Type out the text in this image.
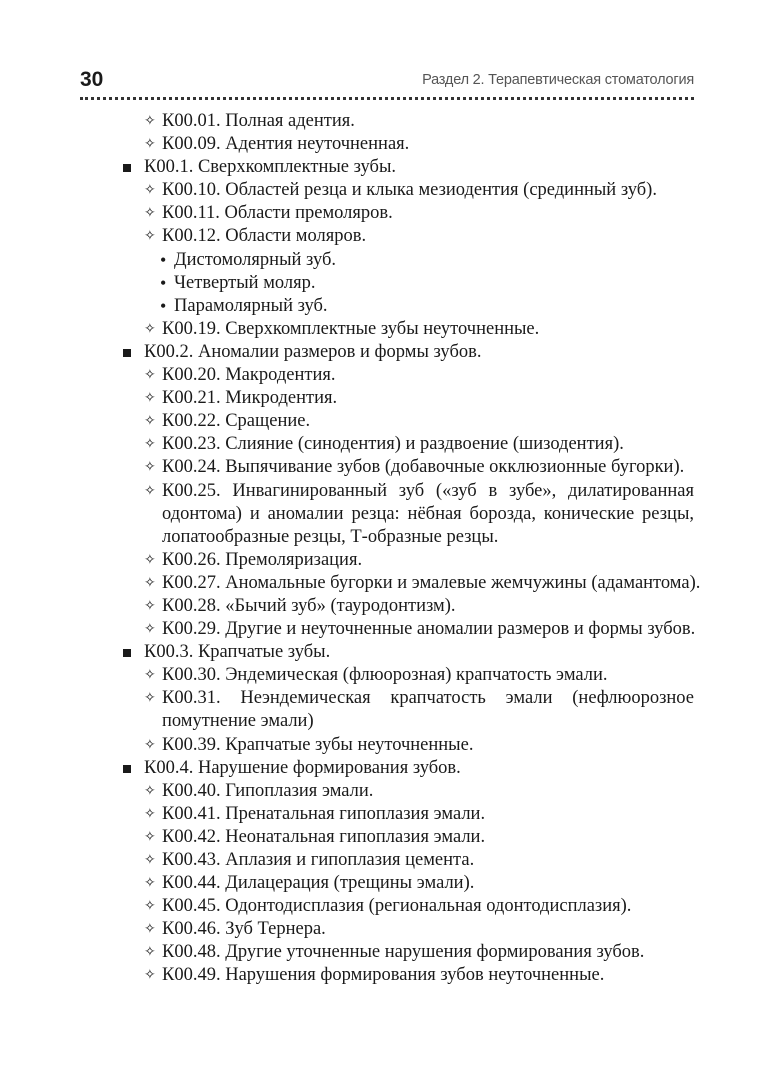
30	Раздел 2. Терапевтическая стоматология
✧ К00.01. Полная адентия.
✧ К00.09. Адентия неуточненная.
К00.1. Сверхкомплектные зубы.
✧ К00.10. Областей резца и клыка мезиодентия (срединный зуб).
✧ К00.11. Области премоляров.
✧ К00.12. Области моляров.
• Дистомолярный зуб.
• Четвертый моляр.
• Парамолярный зуб.
✧ К00.19. Сверхкомплектные зубы неуточненные.
К00.2. Аномалии размеров и формы зубов.
✧ К00.20. Макродентия.
✧ К00.21. Микродентия.
✧ К00.22. Сращение.
✧ К00.23. Слияние (синодентия) и раздвоение (шизодентия).
✧ К00.24. Выпячивание зубов (добавочные окклюзионные бугорки).
✧ К00.25. Инвагинированный зуб («зуб в зубе», дилатированная одонтома) и аномалии резца: нёбная борозда, конические резцы, лопатообразные резцы, Т-образные резцы.
✧ К00.26. Премоляризация.
✧ К00.27. Аномальные бугорки и эмалевые жемчужины (адамантома).
✧ К00.28. «Бычий зуб» (тауродонтизм).
✧ К00.29. Другие и неуточненные аномалии размеров и формы зубов.
К00.3. Крапчатые зубы.
✧ К00.30. Эндемическая (флюорозная) крапчатость эмали.
✧ К00.31. Неэндемическая крапчатость эмали (нефлюорозное помутнение эмали)
✧ К00.39. Крапчатые зубы неуточненные.
К00.4. Нарушение формирования зубов.
✧ К00.40. Гипоплазия эмали.
✧ К00.41. Пренатальная гипоплазия эмали.
✧ К00.42. Неонатальная гипоплазия эмали.
✧ К00.43. Аплазия и гипоплазия цемента.
✧ К00.44. Дилацерация (трещины эмали).
✧ К00.45. Одонтодисплазия (региональная одонтодисплазия).
✧ К00.46. Зуб Тернера.
✧ К00.48. Другие уточненные нарушения формирования зубов.
✧ К00.49. Нарушения формирования зубов неуточненные.
